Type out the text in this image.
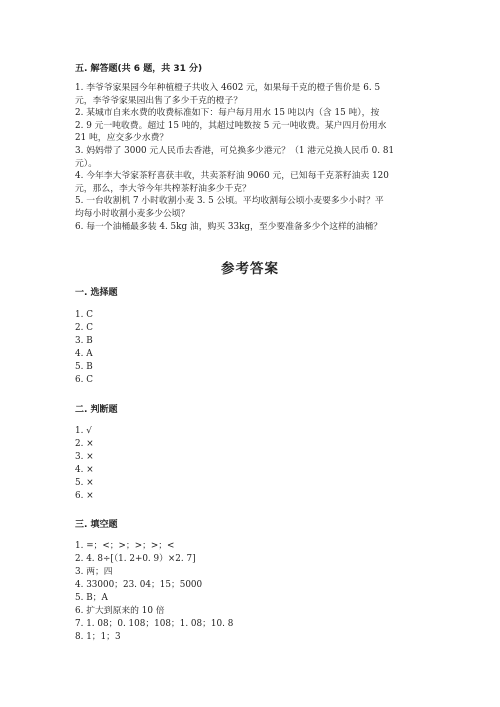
五. 解答题(共 6 题，共 31 分)
1. 李爷爷家果园今年种植橙子共收入 4602 元，如果每千克的橙子售价是 6. 5
元，李爷爷家果园出售了多少千克的橙子？
2. 某城市自来水费的收费标准如下：每户每月用水 15 吨以内（含 15 吨），按
2. 9 元一吨收费。超过 15 吨的，其超过吨数按 5 元一吨收费。某户四月份用水
21 吨，应交多少水费？
3. 妈妈带了 3000 元人民币去香港，可兑换多少港元？（1 港元兑换人民币 0. 81
元）。
4. 今年李大爷家茶籽喜获丰收，共卖茶籽油 9060 元，已知每千克茶籽油卖 120
元，那么，李大爷今年共榨茶籽油多少千克？
5. 一台收割机 7 小时收割小麦 3. 5 公顷。平均收割每公顷小麦要多少小时？平
均每小时收割小麦多少公顷？
6. 每一个油桶最多装 4. 5kg 油，购买 33kg，至少要准备多少个这样的油桶？
参考答案
一. 选择题
1. C
2. C
3. B
4. A
5. B
6. C
二. 判断题
1. √
2. ×
3. ×
4. ×
5. ×
6. ×
三. 填空题
1. =；<；>；>；>；<
2. 4. 8÷[（1. 2+0. 9）×2. 7]
3. 两；四
4. 33000；23. 04；15；5000
5. B；A
6. 扩大到原来的 10 倍
7. 1. 08；0. 108；108；1. 08；10. 8
8. 1；1；3
